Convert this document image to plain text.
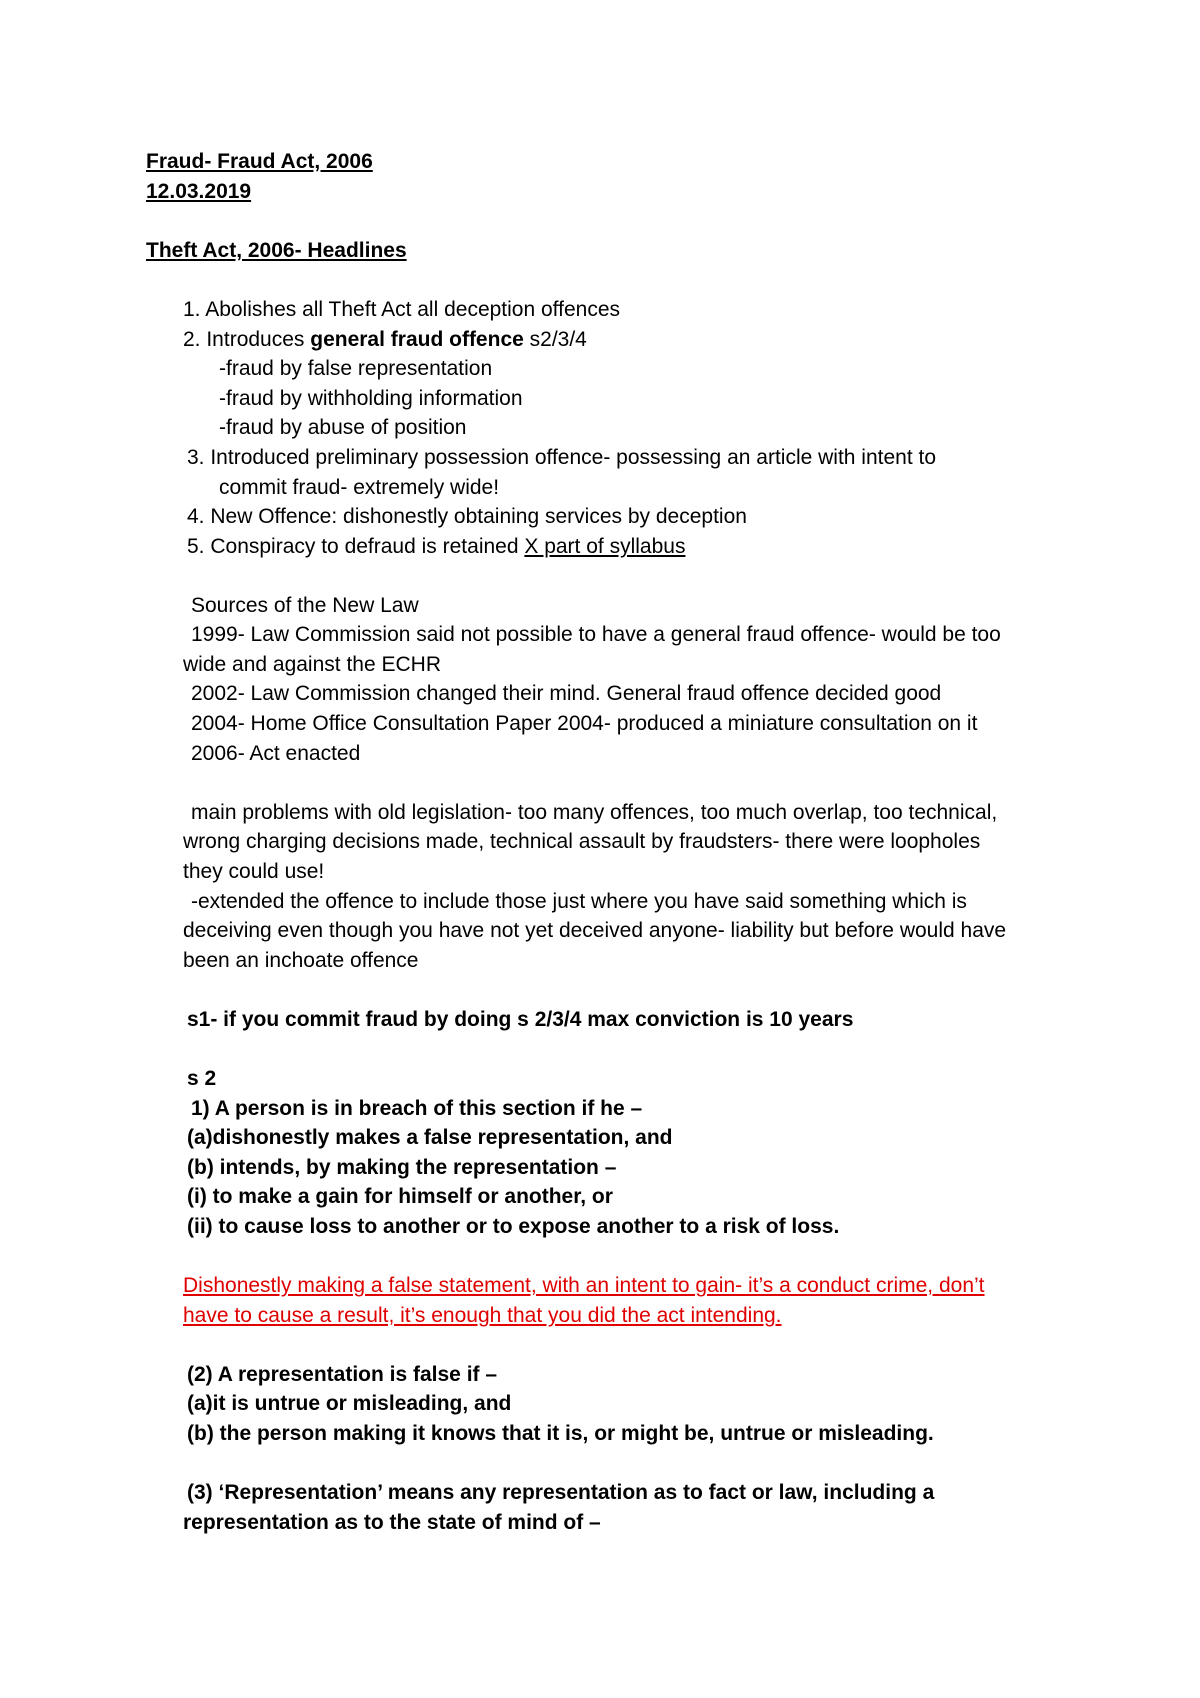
Fraud- Fraud Act, 2006
12.03.2019
Theft Act, 2006- Headlines
1. Abolishes all Theft Act all deception offences
2. Introduces general fraud offence s2/3/4
-fraud by false representation
-fraud by withholding information
-fraud by abuse of position
3. Introduced preliminary possession offence- possessing an article with intent to
commit fraud- extremely wide!
4. New Offence: dishonestly obtaining services by deception
5. Conspiracy to defraud is retained X part of syllabus
Sources of the New Law
1999- Law Commission said not possible to have a general fraud offence- would be too
wide and against the ECHR
2002- Law Commission changed their mind. General fraud offence decided good
2004- Home Office Consultation Paper 2004- produced a miniature consultation on it
2006- Act enacted
main problems with old legislation- too many offences, too much overlap, too technical,
wrong charging decisions made, technical assault by fraudsters- there were loopholes
they could use!
-extended the offence to include those just where you have said something which is
deceiving even though you have not yet deceived anyone- liability but before would have
been an inchoate offence
s1- if you commit fraud by doing s 2/3/4 max conviction is 10 years
s 2
1) A person is in breach of this section if he –
(a)dishonestly makes a false representation, and
(b) intends, by making the representation –
(i) to make a gain for himself or another, or
(ii) to cause loss to another or to expose another to a risk of loss.
Dishonestly making a false statement, with an intent to gain- it’s a conduct crime, don’t
have to cause a result, it’s enough that you did the act intending.
(2) A representation is false if –
(a)it is untrue or misleading, and
(b) the person making it knows that it is, or might be, untrue or misleading.
(3) ‘Representation’ means any representation as to fact or law, including a
representation as to the state of mind of –
